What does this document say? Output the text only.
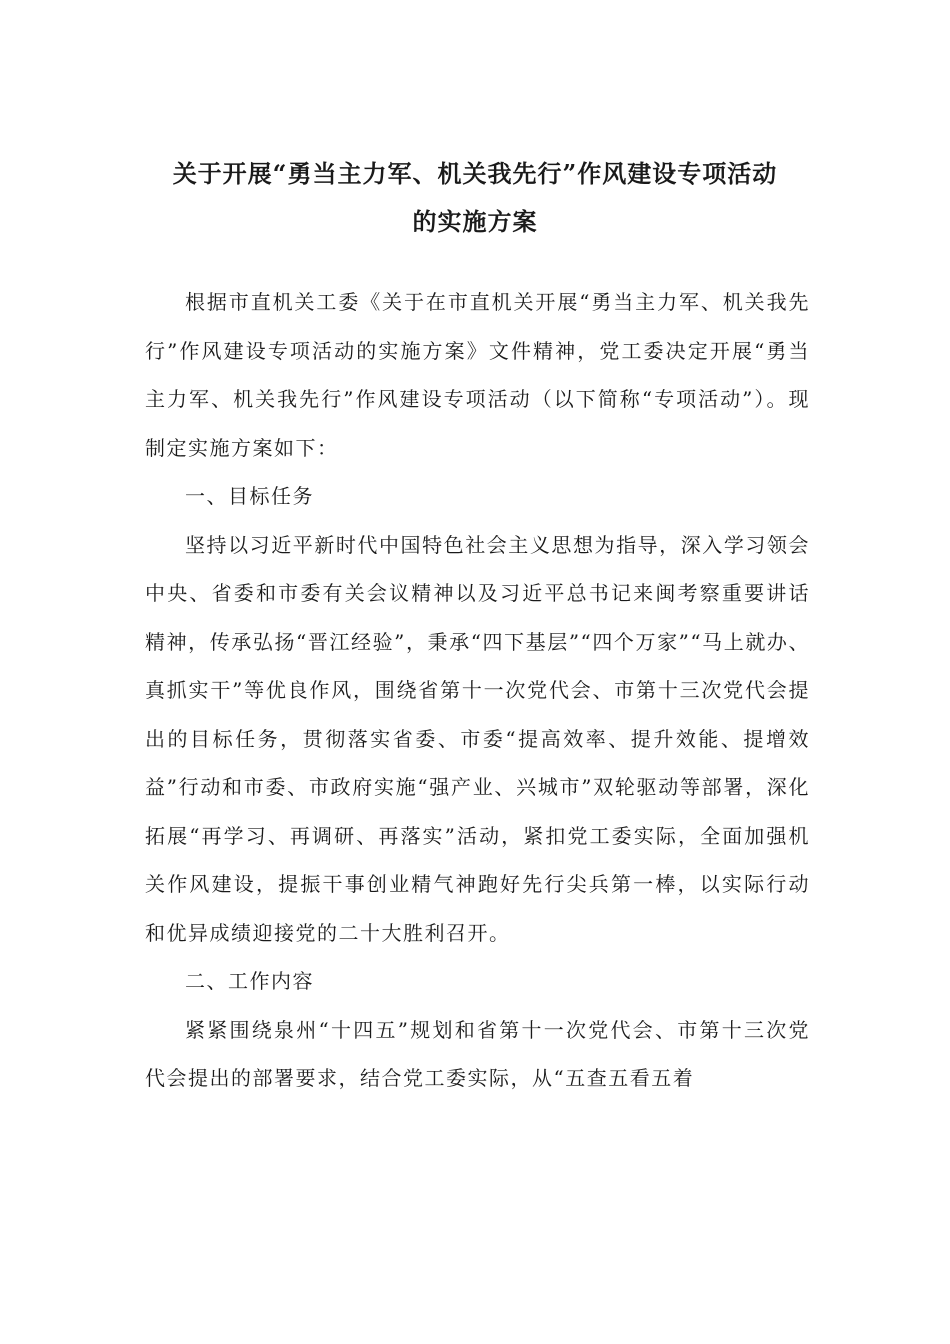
关于开展“勇当主力军、机关我先行”作风建设专项活动
的实施方案

根据市直机关工委《关于在市直机关开展“勇当主力军、机关我先行”作风建设专项活动的实施方案》文件精神，党工委决定开展“勇当主力军、机关我先行”作风建设专项活动（以下简称“专项活动”）。现制定实施方案如下：

一、目标任务

坚持以习近平新时代中国特色社会主义思想为指导，深入学习领会中央、省委和市委有关会议精神以及习近平总书记来闽考察重要讲话精神，传承弘扬“晋江经验”，秉承“四下基层”“四个万家”“马上就办、真抓实干”等优良作风，围绕省第十一次党代会、市第十三次党代会提出的目标任务，贯彻落实省委、市委“提高效率、提升效能、提增效益”行动和市委、市政府实施“强产业、兴城市”双轮驱动等部署，深化拓展“再学习、再调研、再落实”活动，紧扣党工委实际，全面加强机关作风建设，提振干事创业精气神跑好先行尖兵第一棒，以实际行动和优异成绩迎接党的二十大胜利召开。

二、工作内容

紧紧围绕泉州“十四五”规划和省第十一次党代会、市第十三次党代会提出的部署要求，结合党工委实际，从“五查五看五着
